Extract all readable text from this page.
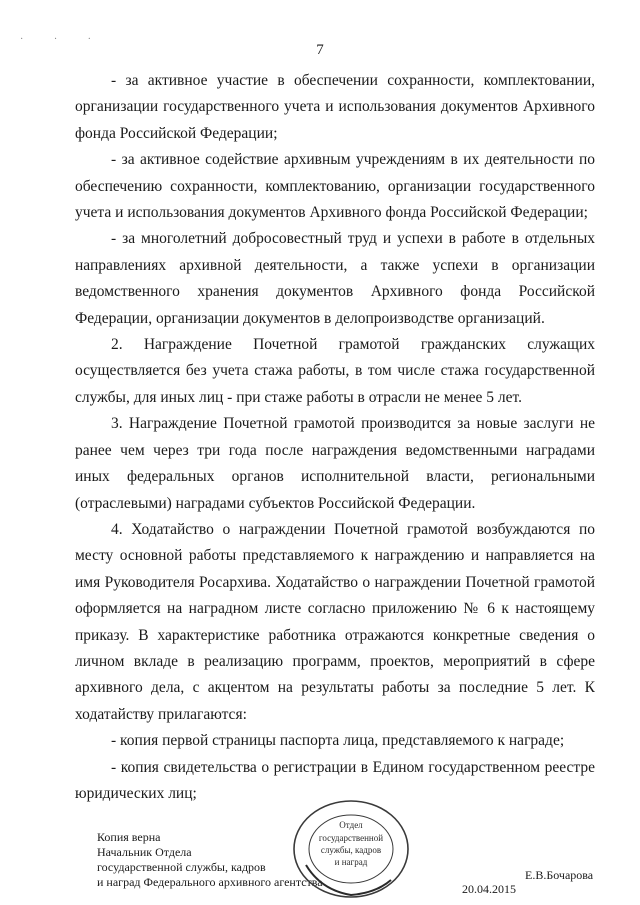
· · ·
7

- за активное участие в обеспечении сохранности, комплектовании, организации государственного учета и использования документов Архивного фонда Российской Федерации;

- за активное содействие архивным учреждениям в их деятельности по обеспечению сохранности, комплектованию, организации государственного учета и использования документов Архивного фонда Российской Федерации;

- за многолетний добросовестный труд и успехи в работе в отдельных направлениях архивной деятельности, а также успехи в организации ведомственного хранения документов Архивного фонда Российской Федерации, организации документов в делопроизводстве организаций.

2. Награждение Почетной грамотой гражданских служащих осуществляется без учета стажа работы, в том числе стажа государственной службы, для иных лиц - при стаже работы в отрасли не менее 5 лет.

3. Награждение Почетной грамотой производится за новые заслуги не ранее чем через три года после награждения ведомственными наградами иных федеральных органов исполнительной власти, региональными (отраслевыми) наградами субъектов Российской Федерации.

4. Ходатайство о награждении Почетной грамотой возбуждаются по месту основной работы представляемого к награждению и направляется на имя Руководителя Росархива. Ходатайство о награждении Почетной грамотой оформляется на наградном листе согласно приложению № 6 к настоящему приказу. В характеристике работника отражаются конкретные сведения о личном вкладе в реализацию программ, проектов, мероприятий в сфере архивного дела, с акцентом на результаты работы за последние 5 лет. К ходатайству прилагаются:

- копия первой страницы паспорта лица, представляемого к награде;

- копия свидетельства о регистрации в Едином государственном реестре юридических лиц;

Копия верна
Начальник Отдела
государственной службы, кадров
и наград Федерального архивного агентства
Отдел
государственной
службы, кадров
и наград
Е.В.Бочарова
20.04.2015
